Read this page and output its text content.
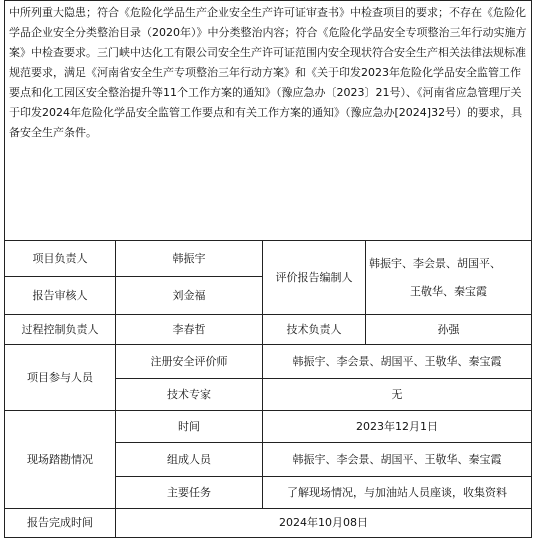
中所列重大隐患；符合《危险化学品生产企业安全生产许可证审查书》中检查项目的要求；不存在《危险化学品企业安全分类整治目录（2020年）》中分类整治内容；符合《危险化学品安全专项整治三年行动实施方案》中检查要求。三门峡中达化工有限公司安全生产许可证范围内安全现状符合安全生产相关法律法规标准规范要求，满足《河南省安全生产专项整治三年行动方案》和《关于印发2023年危险化学品安全监管工作要点和化工园区安全整治提升等11个工作方案的通知》（豫应急办〔2023〕21号）、《河南省应急管理厅关于印发2024年危险化学品安全监管工作要点和有关工作方案的通知》（豫应急办[2024]32号）的要求，具备安全生产条件。			
项目负责人	韩振宇	评价报告编制人	韩振宇、李会景、胡国平、
王敬华、秦宝霞

报告审核人	刘金福		
过程控制负责人	李春哲	技术负责人	孙强
项目参与人员	注册安全评价师	韩振宇、李会景、胡国平、王敬华、秦宝霞	
	技术专家	无	
现场踏勘情况	时间	2023年12月1日	
	组成人员	韩振宇、李会景、胡国平、王敬华、秦宝霞	
	主要任务	了解现场情况，与加油站人员座谈，收集资料	
报告完成时间	2024年10月08日		
